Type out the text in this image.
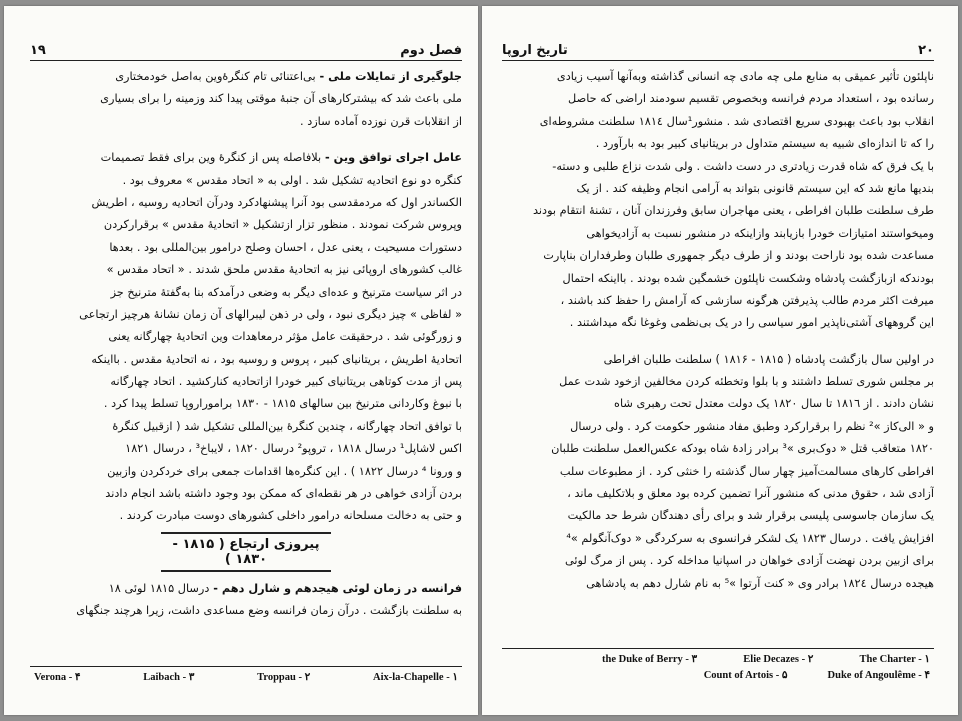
١٩	فصل دوم
جلوگیری از تمایلات ملی - بی‌اعتنائی تام کنگرۀوین به‌اصل خودمختاری
ملی باعث شد که بیشترکارهای آن جنبۀ موقتی پیدا کند وزمینه را برای بسیاری
از انقلابات قرن نوزده آماده سازد .
عامل اجرای توافق وین - بلافاصله پس از کنگرۀ وین برای فقط تصمیمات
کنگره دو نوع اتحادیه تشکیل شد . اولی به « اتحاد مقدس » معروف بود .
الکساندر اول که مردمقدسی بود آنرا پیشنهادکرد ودرآن اتحادیه روسیه ، اطریش
وپروس شرکت نمودند . منظور تزار ازتشکیل « اتحادیۀ مقدس » برقرارکردن
دستورات مسیحیت ، یعنی عدل ، احسان وصلح درامور بین‌المللی بود . بعدها
غالب کشورهای اروپائی نیز به اتحادیۀ مقدس ملحق شدند . « اتحاد مقدس »
در اثر سیاست مترنیخ و عده‌ای دیگر به وضعی درآمدکه بنا به‌گفتۀ مترنیخ جز
« لفاظی » چیز دیگری نبود ، ولی در ذهن لیبرالهای آن زمان نشانۀ هرچیز ارتجاعی
و زورگوئی شد . درحقیقت عامل مؤثر درمعاهدات وین اتحادیۀ چهارگانه یعنی
اتحادیۀ اطریش ، بریتانیای کبیر ، پروس و روسیه بود ، نه اتحادیۀ مقدس . بااینکه
پس از مدت کوتاهی بریتانیای کبیر خودرا ازاتحادیه کنارکشید . اتحاد چهارگانه
با نبوغ وکاردانی مترنیخ بین سالهای ۱۸۱۵ - ۱۸۳۰ براموراروپا تسلط پیدا کرد .
با توافق اتحاد چهارگانه ، چندین کنگرۀ بین‌المللی تشکیل شد ( ازقبیل کنگرۀ
اکس لاشاپل¹ درسال ۱۸۱۸ ، تروپو² درسال ۱۸۲۰ ، لایباخ³ ، درسال ۱۸۲۱
و ورونا ⁴ درسال ۱۸۲۲ ) . این کنگره‌ها اقدامات جمعی برای خردکردن وازبین
بردن آزادی خواهی در هر نقطه‌ای که ممکن بود وجود داشته باشد انجام دادند
و حتی به دخالت مسلحانه درامور داخلی کشورهای دوست مبادرت کردند .
پیروزی ارتجاع ( ۱۸۱۵ - ۱۸۳۰ )
فرانسه در زمان لوئی هیجدهم و شارل دهم - درسال ۱۸۱۵ لوئی ۱۸
به سلطنت بازگشت . درآن زمان فرانسه وضع مساعدی داشت، زیرا هرچند جنگهای
Verona - ۴	Laibach - ۳	Troppau - ۲	Aix-la-Chapelle - ۱
تاریخ اروپا	۲۰
ناپلئون تأثیر عمیقی به منابع ملی چه مادی چه انسانی گذاشته وبه‌آنها آسیب زیادی
رسانده بود ، استعداد مردم فرانسه وبخصوص تقسیم سودمند اراضی که حاصل
انقلاب بود باعث بهبودی سریع اقتصادی شد . منشور¹سال ۱۸۱٤ سلطنت مشروطه‌ای
را که تا اندازه‌ای شبیه به سیستم متداول در بریتانیای کبیر بود به بارآورد .
با یک فرق که شاه قدرت زیادتری در دست داشت . ولی شدت نزاع طلبی و دسته-
بندیها مانع شد که این سیستم قانونی بتواند به آرامی انجام وظیفه کند . از یک
طرف سلطنت طلبان افراطی ، یعنی مهاجران سابق وفرزندان آنان ، تشنۀ انتقام بودند
ومیخواستند امتیازات خودرا بازیابند وازاینکه در منشور نسبت به آزادیخواهی
مساعدت شده بود ناراحت بودند و از طرف دیگر جمهوری طلبان وطرفداران بناپارت
بودندکه ازبازگشت پادشاه وشکست ناپلئون خشمگین شده بودند . بااینکه احتمال
میرفت اکثر مردم طالب پذیرفتن هرگونه سازشی که آرامش را حفظ کند باشند ،
این گروههای آشتی‌ناپذیر امور سیاسی را در یک بی‌نظمی وغوغا نگه میداشتند .
در اولین سال بازگشت پادشاه ( ۱۸۱۵ - ۱۸۱۶ ) سلطنت طلبان افراطی
بر مجلس شوری تسلط داشتند و با بلوا وتخطئه کردن مخالفین ازخود شدت عمل
نشان دادند . از ۱۸۱٦ تا سال ۱۸۲۰ یک دولت معتدل تحت رهبری شاه
و « الی‌کاز »² نظم را برقرارکرد وطبق مفاد منشور حکومت کرد . ولی درسال
۱۸۲۰ متعاقب قتل « دوک‌بری »³ برادر زادۀ شاه بودکه عکس‌العمل سلطنت طلبان
افراطی کارهای مسالمت‌آمیز چهار سال گذشته را خنثی کرد . از مطبوعات سلب
آزادی شد ، حقوق مدنی که منشور آنرا تضمین کرده بود معلق و بلاتکلیف ماند ،
یک سازمان جاسوسی پلیسی برقرار شد و برای رأی دهندگان شرط حد مالکیت
افزایش یافت . درسال ۱۸۲۳ یک لشکر فرانسوی به سرکردگی « دوک‌آنگولم »⁴
برای ازبین بردن نهضت آزادی خواهان در اسپانیا مداخله کرد . پس از مرگ لوئی
هیجده درسال ۱۸۲٤ برادر وی « کنت آرتوا »⁵ به نام شارل دهم به پادشاهی
the Duke of Berry - ۳	Elie Decazes - ۲	The Charter - ۱
Count of Artois - ۵	Duke of Angoulême - ۴
